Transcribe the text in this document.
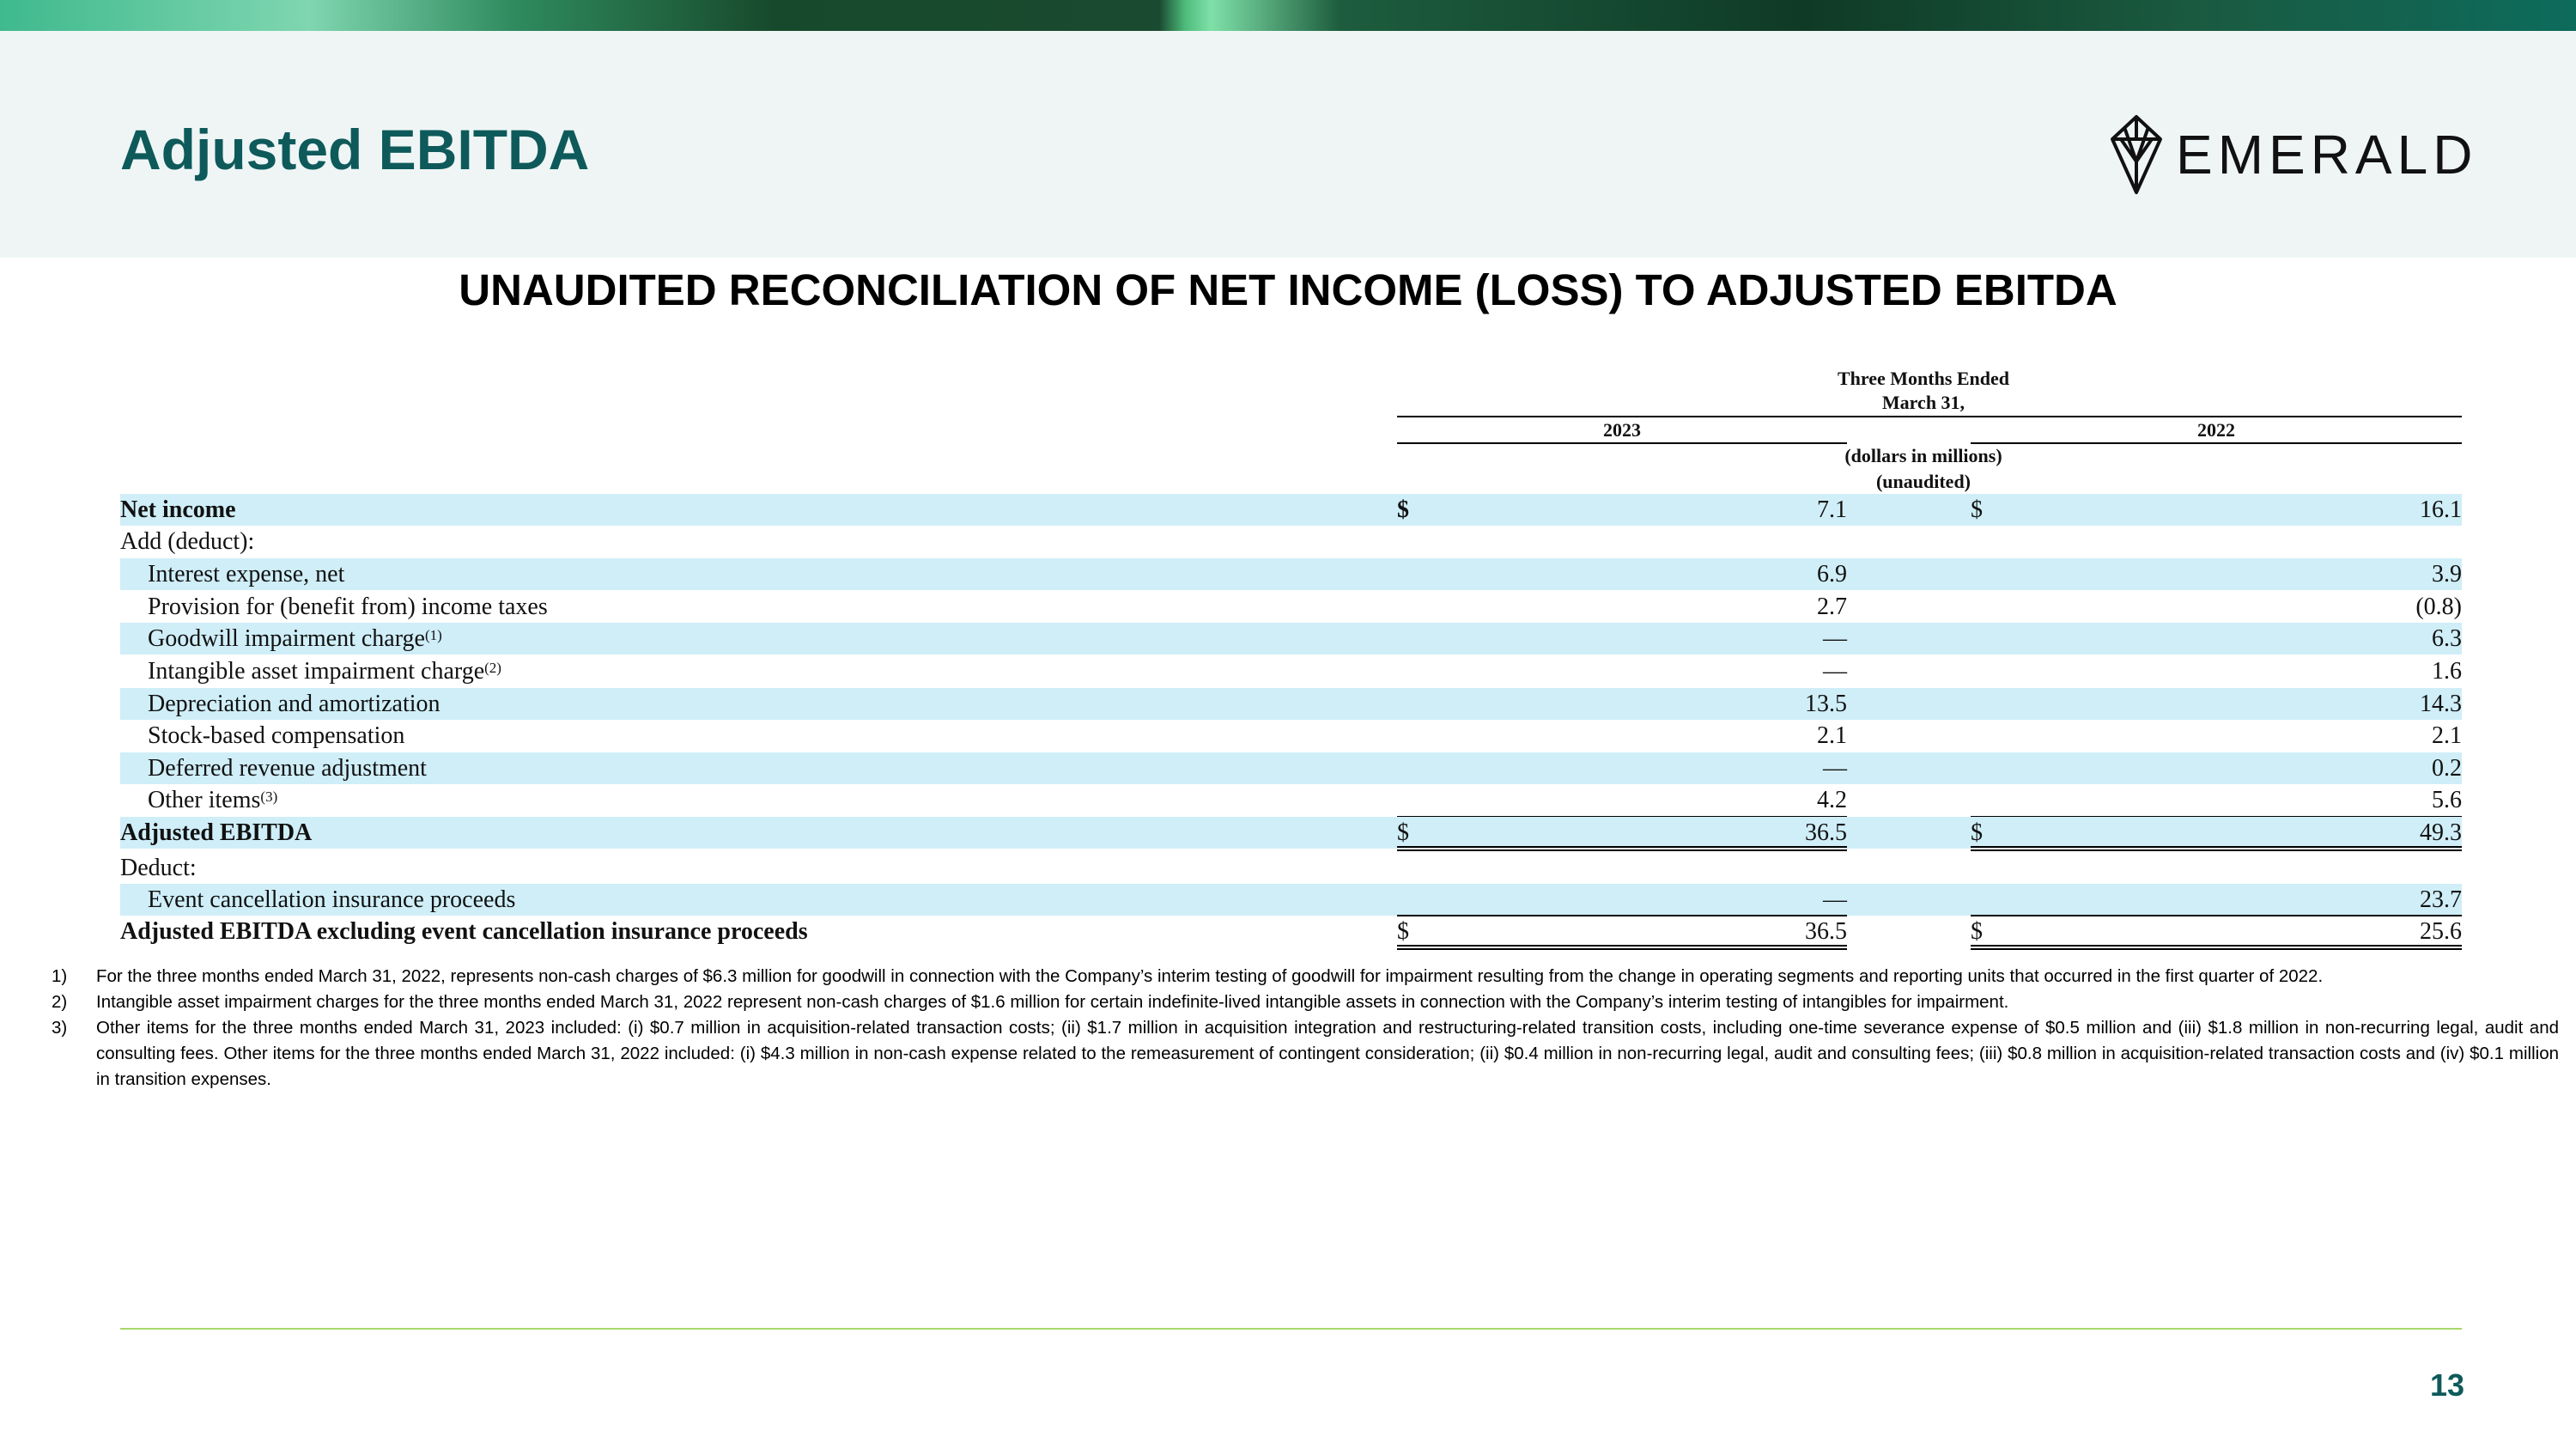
Adjusted EBITDA	EMERALD
UNAUDITED RECONCILIATION OF NET INCOME (LOSS) TO ADJUSTED EBITDA
Three Months Ended
March 31,
2023	2022
(dollars in millions)
(unaudited)
Net income	$	7.1	$	16.1
Add (deduct):
Interest expense, net	6.9	3.9
Provision for (benefit from) income taxes	2.7	(0.8)
Goodwill impairment charge$^{(1)}$	—	6.3
Intangible asset impairment charge$^{(2)}$	—	1.6
Depreciation and amortization	13.5	14.3
Stock-based compensation	2.1	2.1
Deferred revenue adjustment	—	0.2
Other items$^{(3)}$	4.2	5.6
Adjusted EBITDA	$	36.5	$	49.3
Deduct:
Event cancellation insurance proceeds	—	23.7
Adjusted EBITDA excluding event cancellation insurance proceeds	$	36.5	$	25.6
1)	For the three months ended March 31, 2022, represents non-cash charges of $6.3 million for goodwill in connection with the Company’s interim testing of goodwill for impairment resulting from the change in operating segments and reporting units that occurred in the first quarter of 2022.
2)	Intangible asset impairment charges for the three months ended March 31, 2022 represent non-cash charges of $1.6 million for certain indefinite-lived intangible assets in connection with the Company’s interim testing of intangibles for impairment.
3)	Other items for the three months ended March 31, 2023 included: (i) $0.7 million in acquisition-related transaction costs; (ii) $1.7 million in acquisition integration and restructuring-related transition costs, including one-time severance expense of $0.5 million and (iii) $1.8 million in non-recurring legal, audit and consulting fees. Other items for the three months ended March 31, 2022 included: (i) $4.3 million in non-cash expense related to the remeasurement of contingent consideration; (ii) $0.4 million in non-recurring legal, audit and consulting fees; (iii) $0.8 million in acquisition-related transaction costs and (iv) $0.1 million in transition expenses.
13
